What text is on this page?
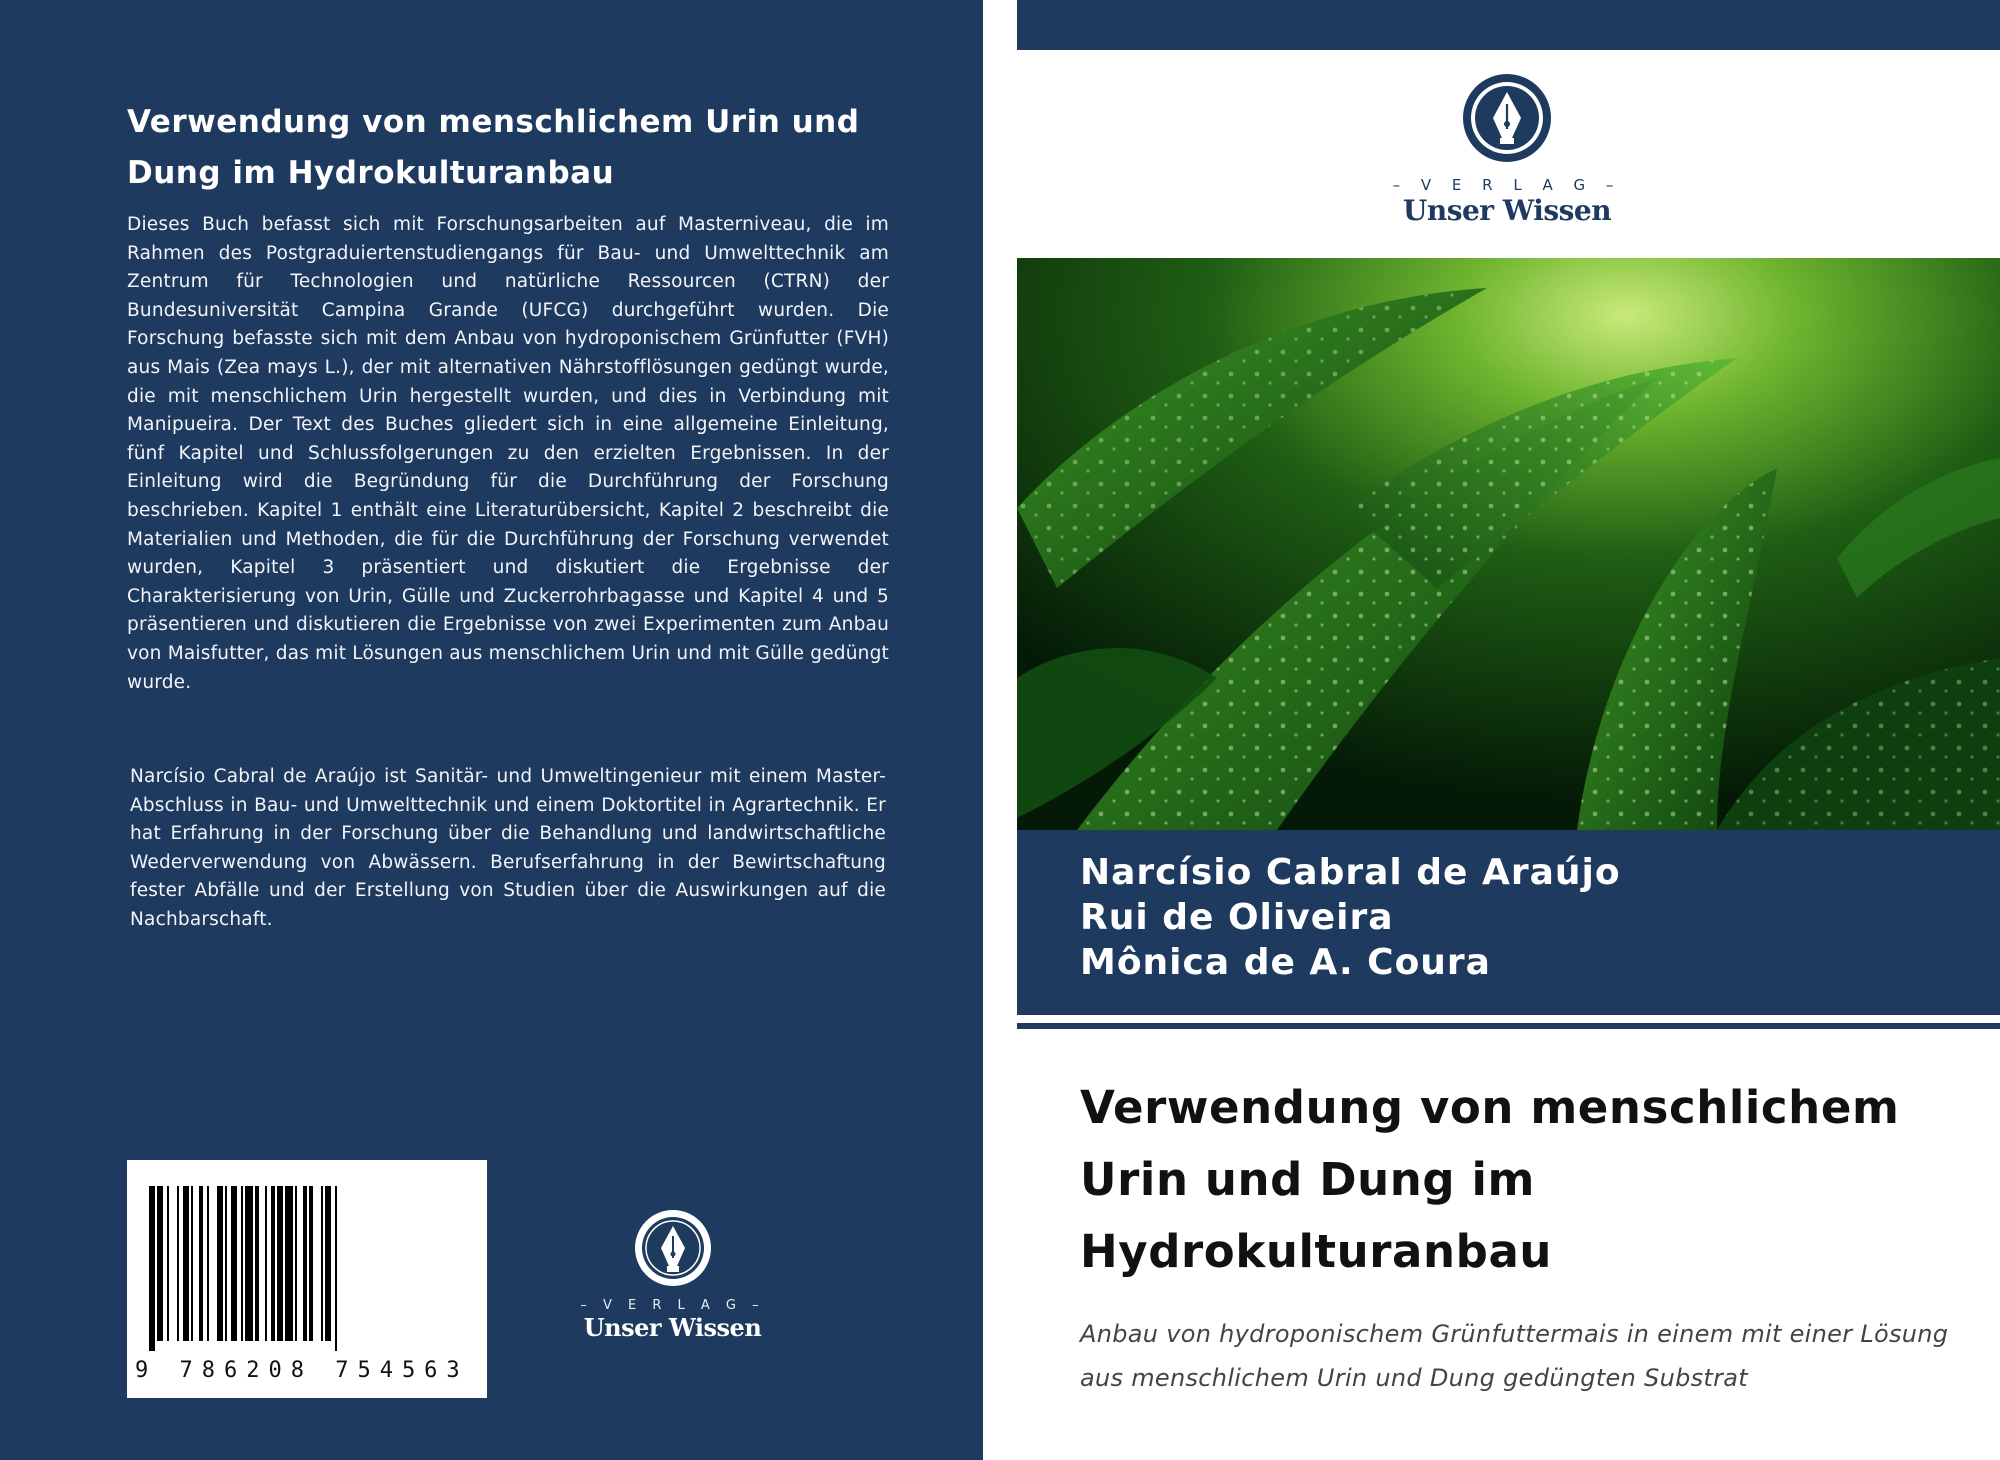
Verwendung von menschlichem Urin und Dung im Hydrokulturanbau

Dieses Buch befasst sich mit Forschungsarbeiten auf Masterniveau, die im Rahmen des Postgraduiertenstudiengangs für Bau- und Umwelttechnik am Zentrum für Technologien und natürliche Ressourcen (CTRN) der Bundesuniversität Campina Grande (UFCG) durchgeführt wurden. Die Forschung befasste sich mit dem Anbau von hydroponischem Grünfutter (FVH) aus Mais (Zea mays L.), der mit alternativen Nährstofflösungen gedüngt wurde, die mit menschlichem Urin hergestellt wurden, und dies in Verbindung mit Manipueira. Der Text des Buches gliedert sich in eine allgemeine Einleitung, fünf Kapitel und Schlussfolgerungen zu den erzielten Ergebnissen. In der Einleitung wird die Begründung für die Durchführung der Forschung beschrieben. Kapitel 1 enthält eine Literaturübersicht, Kapitel 2 beschreibt die Materialien und Methoden, die für die Durchführung der Forschung verwendet wurden, Kapitel 3 präsentiert und diskutiert die Ergebnisse der Charakterisierung von Urin, Gülle und Zuckerrohrbagasse und Kapitel 4 und 5 präsentieren und diskutieren die Ergebnisse von zwei Experimenten zum Anbau von Maisfutter, das mit Lösungen aus menschlichem Urin und mit Gülle gedüngt wurde.

Narcísio Cabral de Araújo ist Sanitär- und Umweltingenieur mit einem Master-Abschluss in Bau- und Umwelttechnik und einem Doktortitel in Agrartechnik. Er hat Erfahrung in der Forschung über die Behandlung und landwirtschaftliche Wederverwendung von Abwässern. Berufserfahrung in der Bewirtschaftung fester Abfälle und der Erstellung von Studien über die Auswirkungen auf die Nachbarschaft.

9 786208 754563
– V E R L A G –
Unser Wissen
– V E R L A G –
Unser Wissen
Narcísio Cabral de Araújo
Rui de Oliveira
Mônica de A. Coura
Verwendung von menschlichem Urin und Dung im Hydrokulturanbau
Anbau von hydroponischem Grünfuttermais in einem mit einer Lösung aus menschlichem Urin und Dung gedüngten Substrat
